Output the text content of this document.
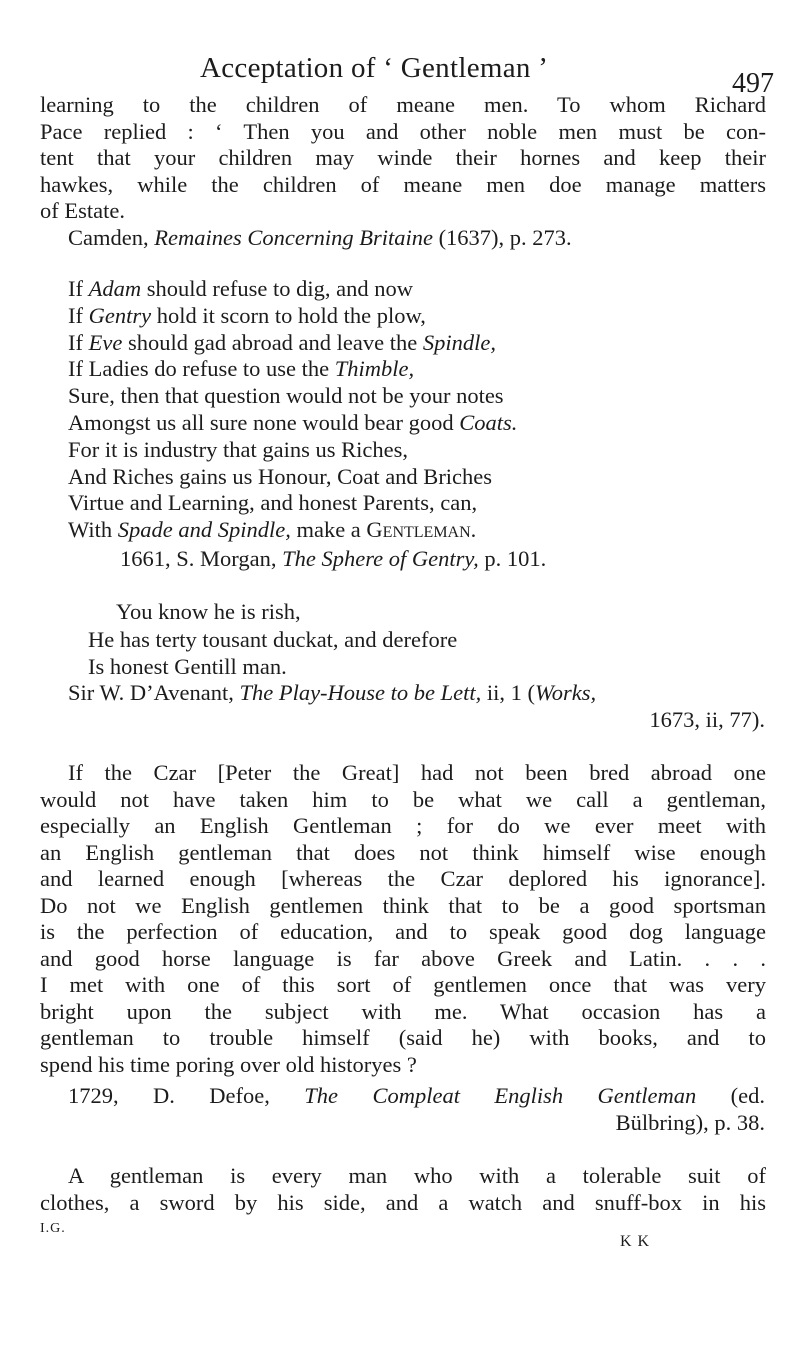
Acceptation of ‘ Gentleman ’	497
learning to the children of meane men. To whom Richard
Pace replied : ‘ Then you and other noble men must be con-
tent that your children may winde their hornes and keep their
hawkes, while the children of meane men doe manage matters
of Estate.
Camden, Remaines Concerning Britaine (1637), p. 273.
If Adam should refuse to dig, and now
If Gentry hold it scorn to hold the plow,
If Eve should gad abroad and leave the Spindle,
If Ladies do refuse to use the Thimble,
Sure, then that question would not be your notes
Amongst us all sure none would bear good Coats.
For it is industry that gains us Riches,
And Riches gains us Honour, Coat and Briches
Virtue and Learning, and honest Parents, can,
With Spade and Spindle, make a Gentleman.
1661, S. Morgan, The Sphere of Gentry, p. 101.
You know he is rish,
He has terty tousant duckat, and derefore
Is honest Gentill man.
Sir W. D’Avenant, The Play-House to be Lett, ii, 1 (Works,
1673, ii, 77).
If the Czar [Peter the Great] had not been bred abroad one
would not have taken him to be what we call a gentleman,
especially an English Gentleman ; for do we ever meet with
an English gentleman that does not think himself wise enough
and learned enough [whereas the Czar deplored his ignorance].
Do not we English gentlemen think that to be a good sportsman
is the perfection of education, and to speak good dog language
and good horse language is far above Greek and Latin. . . .
I met with one of this sort of gentlemen once that was very
bright upon the subject with me. What occasion has a
gentleman to trouble himself (said he) with books, and to
spend his time poring over old historyes ?
1729, D. Defoe, The Compleat English Gentleman (ed.
Bülbring), p. 38.
A gentleman is every man who with a tolerable suit of
clothes, a sword by his side, and a watch and snuff-box in his
I.G.
K K
